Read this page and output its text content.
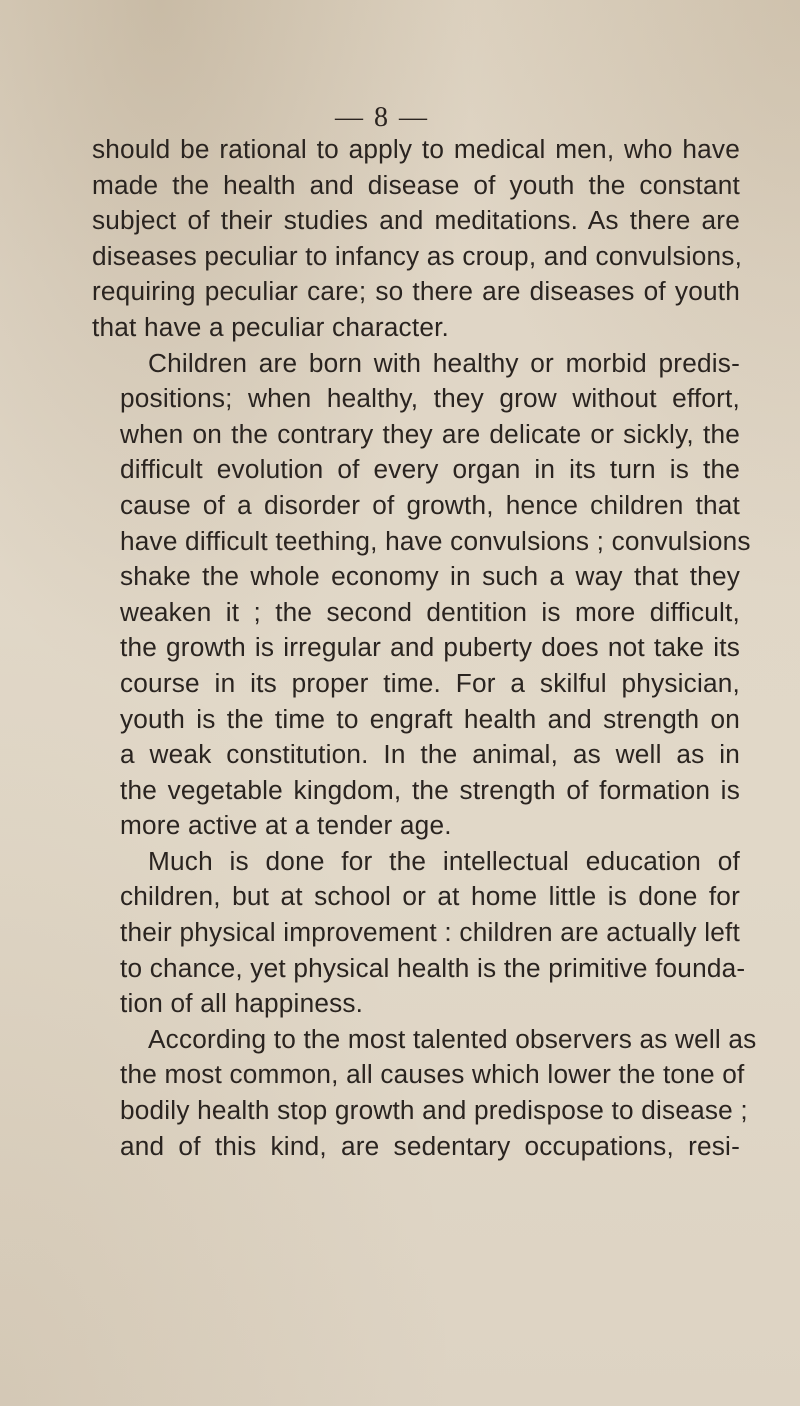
— 8 —
should be rational to apply to medical men, who have
made the health and disease of youth the constant
subject of their studies and meditations. As there are
diseases peculiar to infancy as croup, and convulsions,
requiring peculiar care; so there are diseases of youth
that have a peculiar character.
Children are born with healthy or morbid predis-
positions; when healthy, they grow without effort,
when on the contrary they are delicate or sickly, the
difficult evolution of every organ in its turn is the
cause of a disorder of growth, hence children that
have difficult teething, have convulsions ; convulsions
shake the whole economy in such a way that they
weaken it ; the second dentition is more difficult,
the growth is irregular and puberty does not take its
course in its proper time. For a skilful physician,
youth is the time to engraft health and strength on
a weak constitution. In the animal, as well as in
the vegetable kingdom, the strength of formation is
more active at a tender age.
Much is done for the intellectual education of
children, but at school or at home little is done for
their physical improvement : children are actually left
to chance, yet physical health is the primitive founda-
tion of all happiness.
According to the most talented observers as well as
the most common, all causes which lower the tone of
bodily health stop growth and predispose to disease ;
and of this kind, are sedentary occupations, resi-
